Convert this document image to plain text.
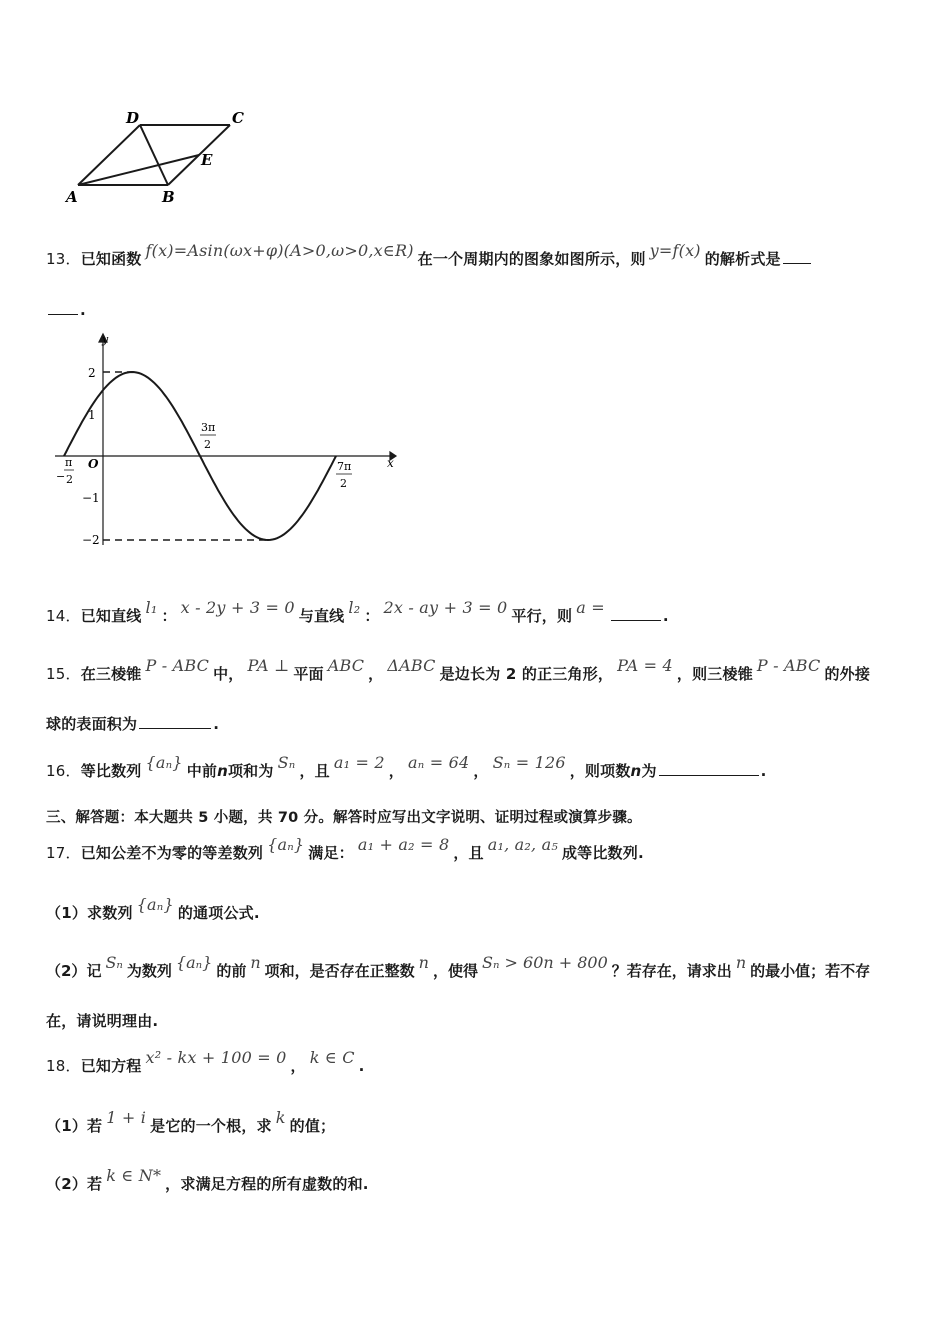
D	C
E
A	B
13．已知函数 f(x)=Asin(ωx+φ)(A>0,ω>0,x∈R) 在一个周期内的图象如图所示，则 y=f(x) 的解析式是
.
y
x
O
2
1
−1
−2
−
π
2
3π
2
7π
2
14．已知直线 l₁ ： x - 2y + 3 = 0 与直线 l₂ ： 2x - ay + 3 = 0 平行，则 a =	.
15．在三棱锥 P - ABC 中， PA ⊥ 平面 ABC ， ΔABC 是边长为 2 的正三角形， PA = 4 ，则三棱锥 P - ABC 的外接
球的表面积为	.
16．等比数列 {aₙ} 中前n项和为 Sₙ ，且 a₁ = 2 ， aₙ = 64 ， Sₙ = 126 ，则项数n为	.
三、解答题：本大题共 5 小题，共 70 分。解答时应写出文字说明、证明过程或演算步骤。
17．已知公差不为零的等差数列 {aₙ} 满足： a₁ + a₂ = 8 ，且 a₁, a₂, a₅ 成等比数列.
（1）求数列 {aₙ} 的通项公式.
（2）记 Sₙ 为数列 {aₙ} 的前 n 项和，是否存在正整数 n ，使得 Sₙ > 60n + 800 ？若存在，请求出 n 的最小值；若不存
在，请说明理由.
18．已知方程 x² - kx + 100 = 0 ， k ∈ C .
（1）若 1 + i 是它的一个根，求 k 的值；
（2）若 k ∈ N* ，求满足方程的所有虚数的和.
